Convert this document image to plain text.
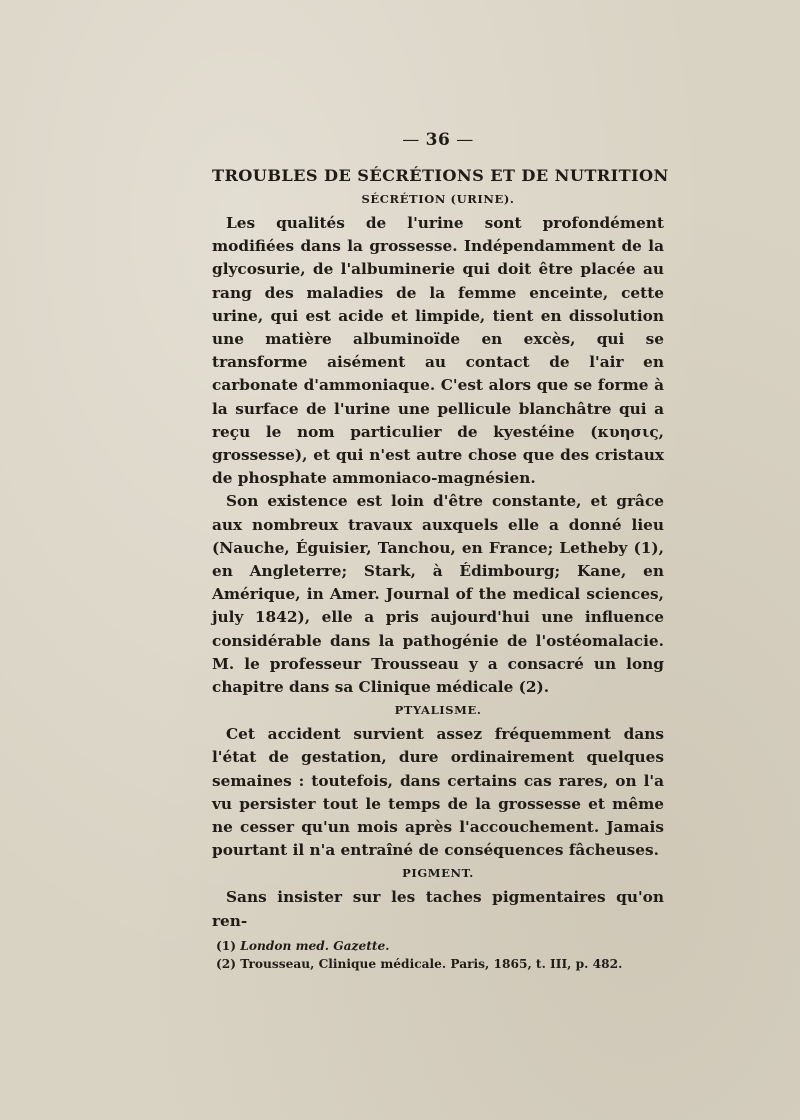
— 36 —
TROUBLES DE SÉCRÉTIONS ET DE NUTRITION
SÉCRÉTION (URINE).

Les qualités de l'urine sont profondément modifiées dans la grossesse. Indépendamment de la glycosurie, de l'albuminerie qui doit être placée au rang des maladies de la femme enceinte, cette urine, qui est acide et limpide, tient en dissolution une matière albuminoïde en excès, qui se transforme aisément au contact de l'air en carbonate d'ammoniaque. C'est alors que se forme à la surface de l'urine une pellicule blanchâtre qui a reçu le nom particulier de kyestéine (κυησις, grossesse), et qui n'est autre chose que des cristaux de phosphate ammoniaco-magnésien.

Son existence est loin d'être constante, et grâce aux nombreux travaux auxquels elle a donné lieu (Nauche, Éguisier, Tanchou, en France; Letheby (1), en Angleterre; Stark, à Édimbourg; Kane, en Amérique, in Amer. Journal of the medical sciences, july 1842), elle a pris aujourd'hui une influence considérable dans la pathogénie de l'ostéomalacie. M. le professeur Trousseau y a consacré un long chapitre dans sa Clinique médicale (2).

PTYALISME.

Cet accident survient assez fréquemment dans l'état de gestation, dure ordinairement quelques semaines : toutefois, dans certains cas rares, on l'a vu persister tout le temps de la grossesse et même ne cesser qu'un mois après l'accouchement. Jamais pourtant il n'a entraîné de conséquences fâcheuses.

PIGMENT.

Sans insister sur les taches pigmentaires qu'on ren-

(1) London med. Gazette.
(2) Trousseau, Clinique médicale. Paris, 1865, t. III, p. 482.
